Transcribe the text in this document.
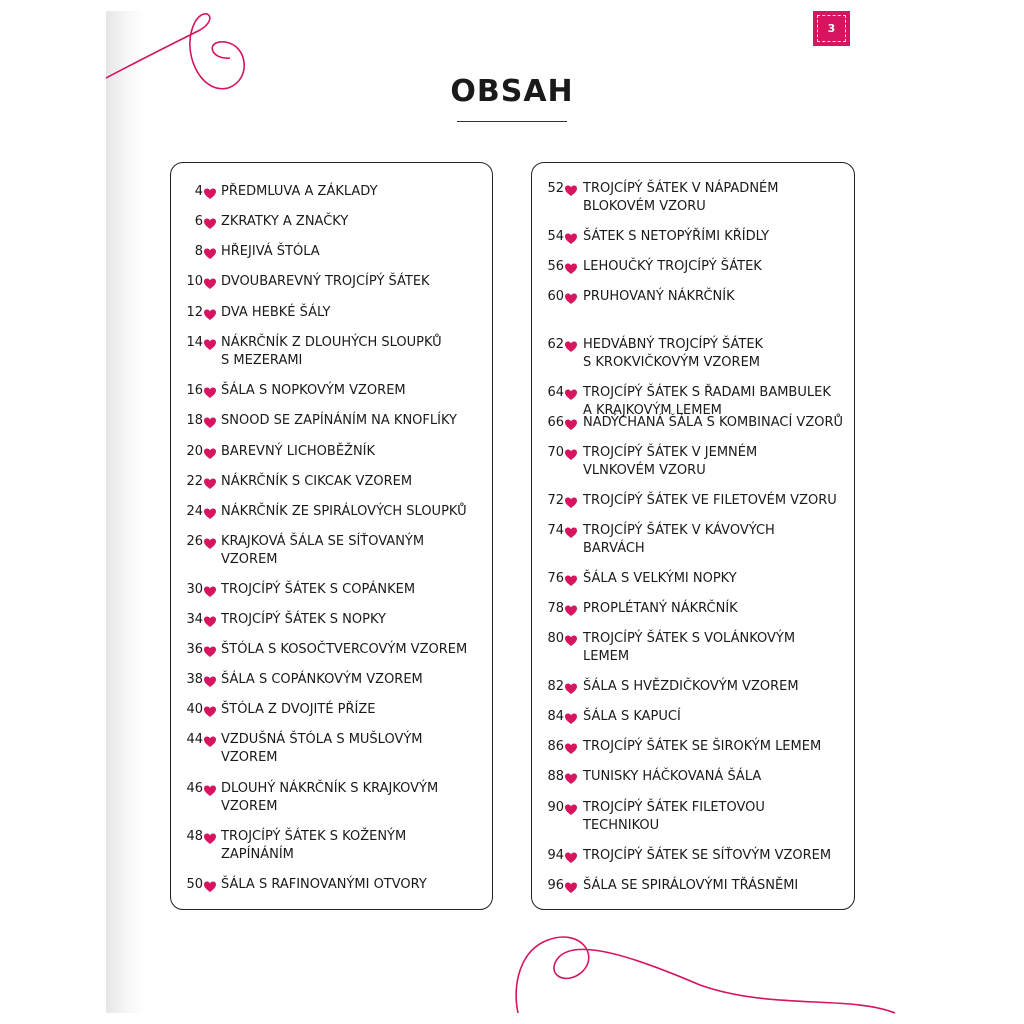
3
OBSAH
4 PŘEDMLUVA A ZÁKLADY
6 ZKRATKY A ZNAČKY
8 HŘEJIVÁ ŠTÓLA
10 DVOUBAREVNÝ TROJCÍPÝ ŠÁTEK
12 DVA HEBKÉ ŠÁLY
14 NÁKRČNÍK Z DLOUHÝCH SLOUPKŮ
S MEZERAMI
16 ŠÁLA S NOPKOVÝM VZOREM
18 SNOOD SE ZAPÍNÁNÍM NA KNOFLÍKY
20 BAREVNÝ LICHOBĚŽNÍK
22 NÁKRČNÍK S CIKCAK VZOREM
24 NÁKRČNÍK ZE SPIRÁLOVÝCH SLOUPKŮ
26 KRAJKOVÁ ŠÁLA SE SÍŤOVANÝM
VZOREM
30 TROJCÍPÝ ŠÁTEK S COPÁNKEM
34 TROJCÍPÝ ŠÁTEK S NOPKY
36 ŠTÓLA S KOSOČTVERCOVÝM VZOREM
38 ŠÁLA S COPÁNKOVÝM VZOREM
40 ŠTÓLA Z DVOJITÉ PŘÍZE
44 VZDUŠNÁ ŠTÓLA S MUŠLOVÝM
VZOREM
46 DLOUHÝ NÁKRČNÍK S KRAJKOVÝM
VZOREM
48 TROJCÍPÝ ŠÁTEK S KOŽENÝM
ZAPÍNÁNÍM
50 ŠÁLA S RAFINOVANÝMI OTVORY
52 TROJCÍPÝ ŠÁTEK V NÁPADNÉM
BLOKOVÉM VZORU
54 ŠÁTEK S NETOPÝŘÍMI KŘÍDLY
56 LEHOUČKÝ TROJCÍPÝ ŠÁTEK
60 PRUHOVANÝ NÁKRČNÍK
62 HEDVÁBNÝ TROJCÍPÝ ŠÁTEK
S KROKVIČKOVÝM VZOREM
64 TROJCÍPÝ ŠÁTEK S ŘADAMI BAMBULEK
A KRAJKOVÝM LEMEM
66 NADÝCHANÁ ŠÁLA S KOMBINACÍ VZORŮ
70 TROJCÍPÝ ŠÁTEK V JEMNÉM
VLNKOVÉM VZORU
72 TROJCÍPÝ ŠÁTEK VE FILETOVÉM VZORU
74 TROJCÍPÝ ŠÁTEK V KÁVOVÝCH
BARVÁCH
76 ŠÁLA S VELKÝMI NOPKY
78 PROPLÉTANÝ NÁKRČNÍK
80 TROJCÍPÝ ŠÁTEK S VOLÁNKOVÝM
LEMEM
82 ŠÁLA S HVĚZDIČKOVÝM VZOREM
84 ŠÁLA S KAPUCÍ
86 TROJCÍPÝ ŠÁTEK SE ŠIROKÝM LEMEM
88 TUNISKY HÁČKOVANÁ ŠÁLA
90 TROJCÍPÝ ŠÁTEK FILETOVOU
TECHNIKOU
94 TROJCÍPÝ ŠÁTEK SE SÍŤOVÝM VZOREM
96 ŠÁLA SE SPIRÁLOVÝMI TŘÁSNĚMI
